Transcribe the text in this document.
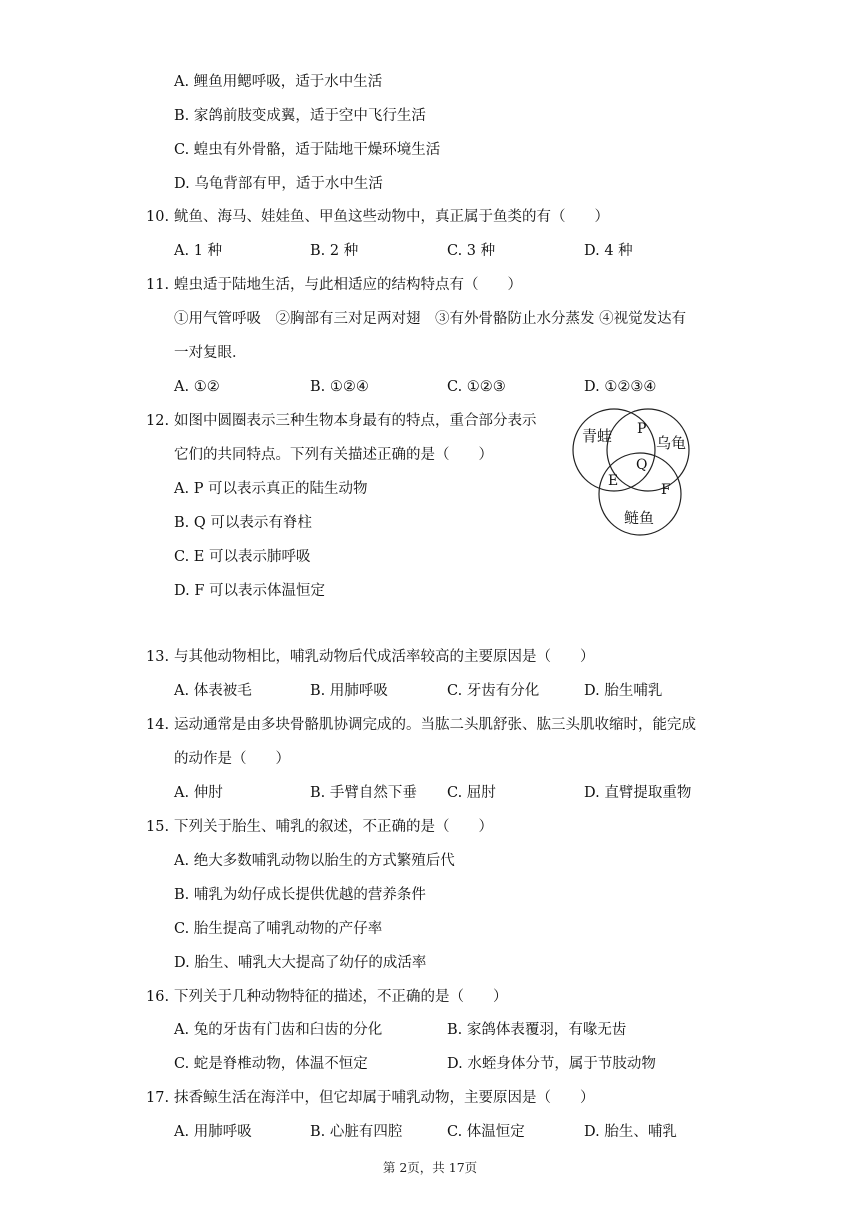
A. 鲤鱼用鳃呼吸，适于水中生活
B. 家鸽前肢变成翼，适于空中飞行生活
C. 蝗虫有外骨骼，适于陆地干燥环境生活
D. 乌龟背部有甲，适于水中生活
10. 鱿鱼、海马、娃娃鱼、甲鱼这些动物中，真正属于鱼类的有（　　）
A. 1 种	B. 2 种	C. 3 种	D. 4 种
11. 蝗虫适于陆地生活，与此相适应的结构特点有（　　）
①用气管呼吸　②胸部有三对足两对翅　③有外骨骼防止水分蒸发 ④视觉发达有
一对复眼．
A. ①②	B. ①②④	C. ①②③	D. ①②③④
12. 如图中圆圈表示三种生物本身最有的特点，重合部分表示
它们的共同特点。下列有关描述正确的是（　　）
A. P 可以表示真正的陆生动物
B. Q 可以表示有脊柱
C. E 可以表示肺呼吸
D. F 可以表示体温恒定
青蛙	乌龟
鲢鱼
P
Q
E
F
13. 与其他动物相比，哺乳动物后代成活率较高的主要原因是（　　）
A. 体表被毛	B. 用肺呼吸	C. 牙齿有分化	D. 胎生哺乳
14. 运动通常是由多块骨骼肌协调完成的。当肱二头肌舒张、肱三头肌收缩时，能完成
的动作是（　　）
A. 伸肘	B. 手臂自然下垂 C. 屈肘	D. 直臂提取重物
15. 下列关于胎生、哺乳的叙述，不正确的是（　　）
A. 绝大多数哺乳动物以胎生的方式繁殖后代
B. 哺乳为幼仔成长提供优越的营养条件
C. 胎生提高了哺乳动物的产仔率
D. 胎生、哺乳大大提高了幼仔的成活率
16. 下列关于几种动物特征的描述，不正确的是（　　）
A. 兔的牙齿有门齿和臼齿的分化	B. 家鸽体表覆羽，有喙无齿
C. 蛇是脊椎动物，体温不恒定	D. 水蛭身体分节，属于节肢动物
17. 抹香鲸生活在海洋中，但它却属于哺乳动物，主要原因是（　　）
A. 用肺呼吸	B. 心脏有四腔	C. 体温恒定	D. 胎生、哺乳
第 2页，共 17页
